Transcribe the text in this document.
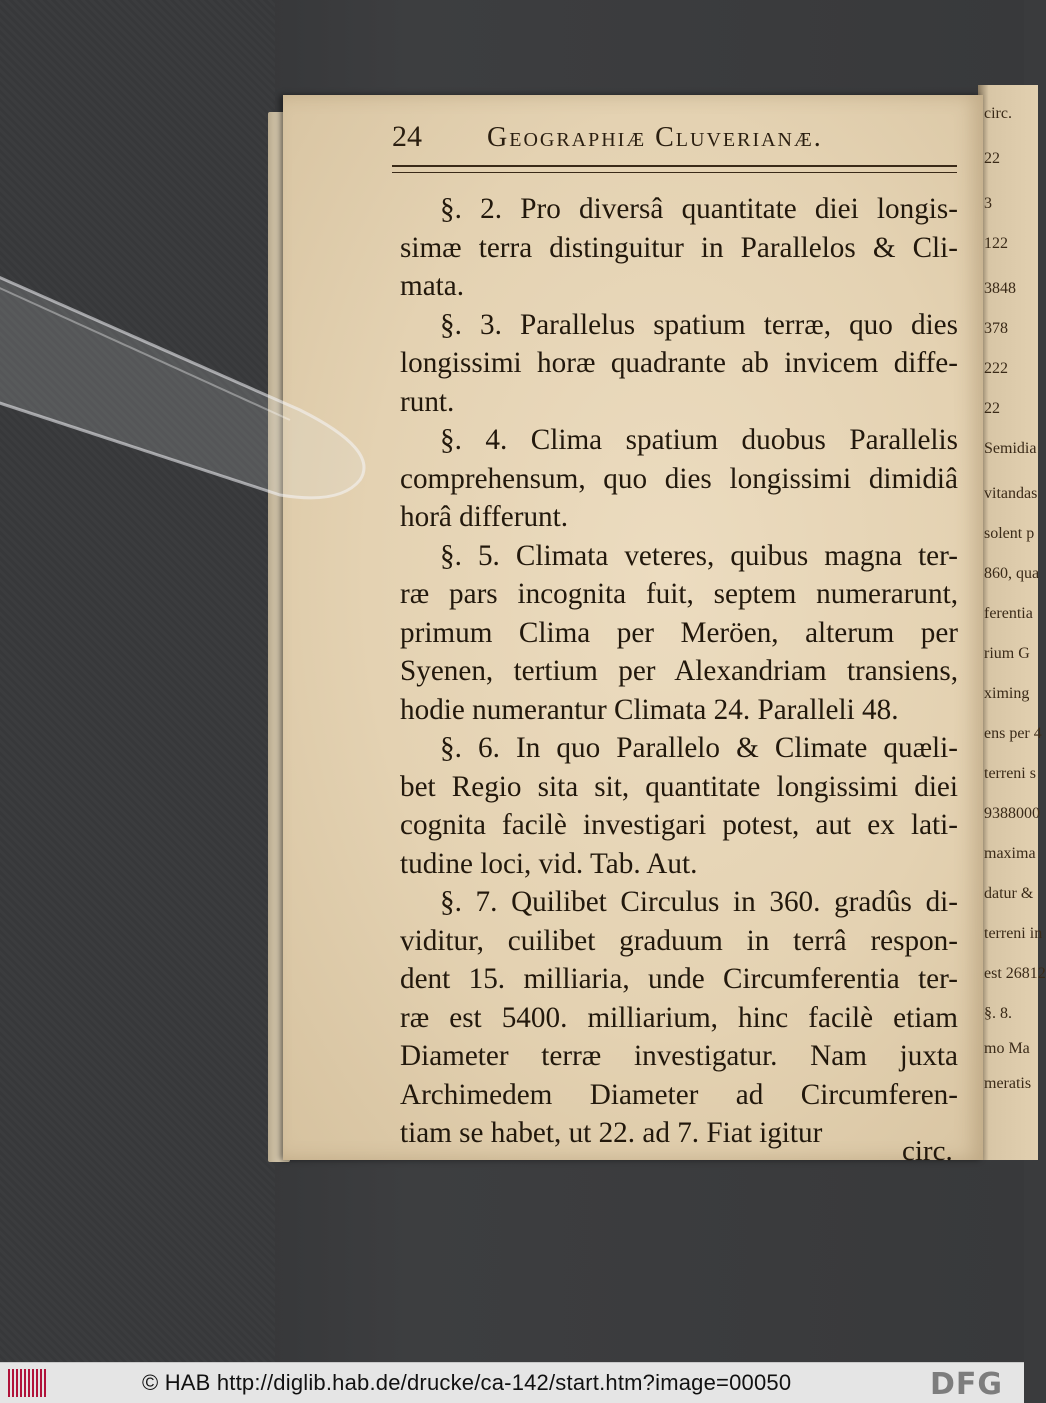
circ.
22
3
122
3848
378
222
22
Semidia
vitandas
solent p
860, qua
ferentia
rium G
ximing
ens per 4
terreni s
9388000
maxima
datur &
terreni in
est 26812
§. 8.
mo Ma
meratis
24 Geographiæ Cluverianæ.
§. 2. Pro diversâ quantitate diei longis-
simæ terra distinguitur in Parallelos & Cli-
mata.
§. 3. Parallelus spatium terræ, quo dies
longissimi horæ quadrante ab invicem diffe-
runt.
§. 4. Clima spatium duobus Parallelis
comprehensum, quo dies longissimi dimidiâ
horâ differunt.
§. 5. Climata veteres, quibus magna ter-
ræ pars incognita fuit, septem numerarunt,
primum Clima per Meröen, alterum per
Syenen, tertium per Alexandriam transiens,
hodie numerantur Climata 24. Paralleli 48.
§. 6. In quo Parallelo & Climate quæli-
bet Regio sita sit, quantitate longissimi diei
cognita facilè investigari potest, aut ex lati-
tudine loci, vid. Tab. Aut.
§. 7. Quilibet Circulus in 360. gradûs di-
viditur, cuilibet graduum in terrâ respon-
dent 15. milliaria, unde Circumferentia ter-
ræ est 5400. milliarium, hinc facilè etiam
Diameter terræ investigatur. Nam juxta
Archimedem Diameter ad Circumferen-
tiam se habet, ut 22. ad 7. Fiat igitur
circ.
© HAB http://diglib.hab.de/drucke/ca-142/start.htm?image=00050	DFG
